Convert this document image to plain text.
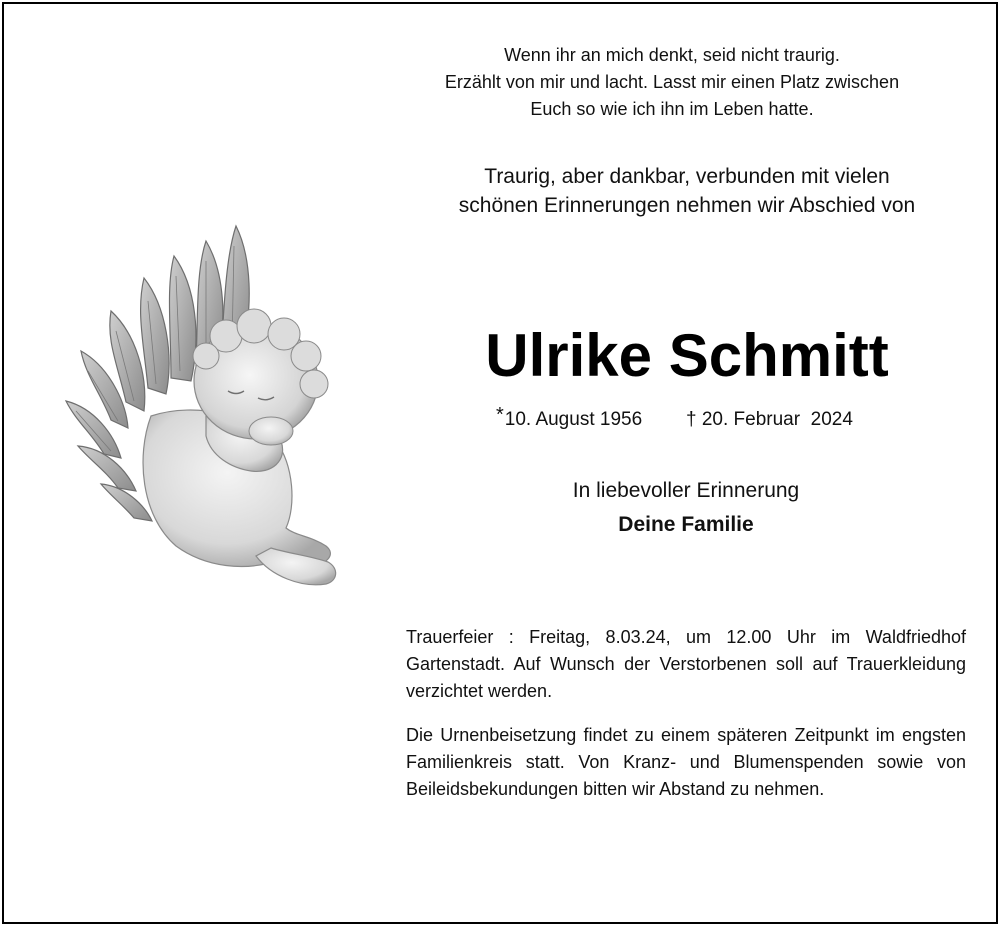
Wenn ihr an mich denkt, seid nicht traurig.
Erzählt von mir und lacht. Lasst mir einen Platz zwischen
Euch so wie ich ihn im Leben hatte.
Traurig, aber dankbar, verbunden mit vielen
schönen Erinnerungen nehmen wir Abschied von
Ulrike Schmitt
*10. August 1956 † 20. Februar  2024
In liebevoller Erinnerung
Deine Familie
Trauerfeier : Freitag, 8.03.24, um 12.00 Uhr im Waldfriedhof Gartenstadt. Auf Wunsch der Verstorbenen soll auf Trauerkleidung verzichtet werden.
Die Urnenbeisetzung findet zu einem späteren Zeitpunkt im engsten Familienkreis statt. Von Kranz- und Blumenspenden sowie von Beileidsbekundungen bitten wir Abstand zu nehmen.
